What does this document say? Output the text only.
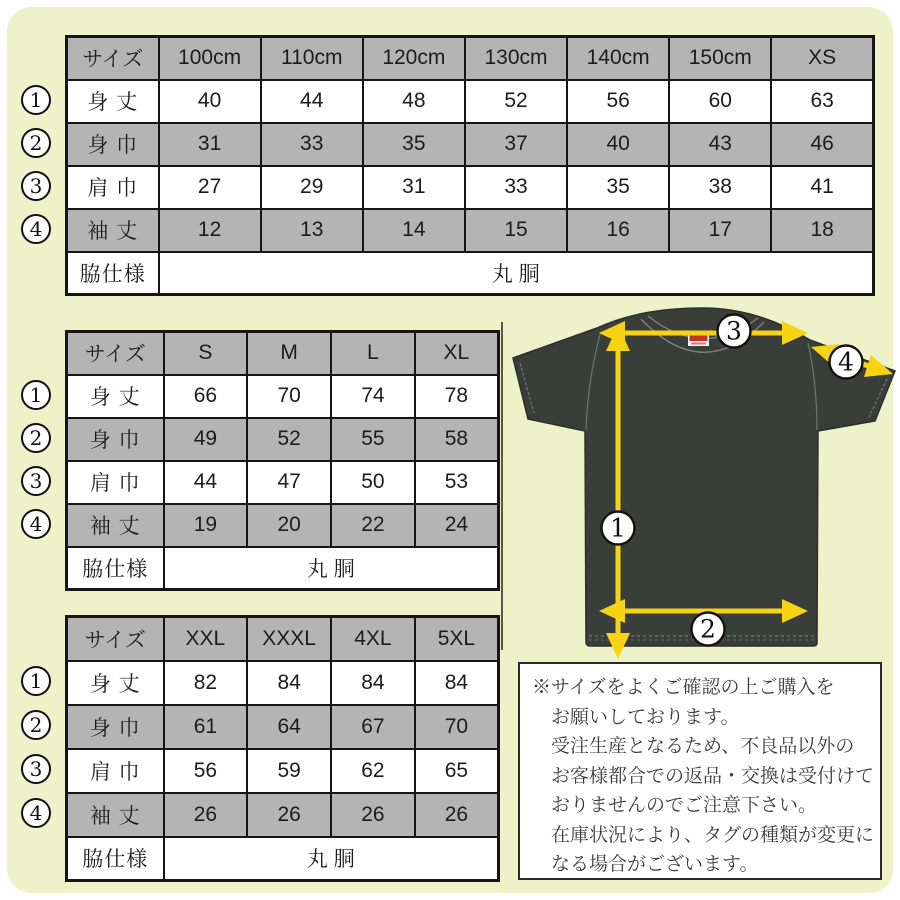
サイズ	100cm	110cm	120cm	130cm	140cm	150cm	XS
身 丈	40	44	48	52	56	60	63
身 巾	31	33	35	37	40	43	46
肩 巾	27	29	31	33	35	38	41
袖 丈	12	13	14	15	16	17	18
脇仕様	丸 胴						
サイズ	S	M	L	XL
身 丈	66	70	74	78
身 巾	49	52	55	58
肩 巾	44	47	50	53
袖 丈	19	20	22	24
脇仕様	丸 胴			
サイズ	XXL	XXXL	4XL	5XL
身 丈	82	84	84	84
身 巾	61	64	67	70
肩 巾	56	59	62	65
袖 丈	26	26	26	26
脇仕様	丸 胴			
1
2
3
4
1
2
3
4
1
2
3
4
3
4
1
2
※サイズをよくご確認の上ご購入を
お願いしております。
受注生産となるため、不良品以外の
お客様都合での返品・交換は受付けて
おりませんのでご注意下さい。
在庫状況により、タグの種類が変更に
なる場合がございます。
